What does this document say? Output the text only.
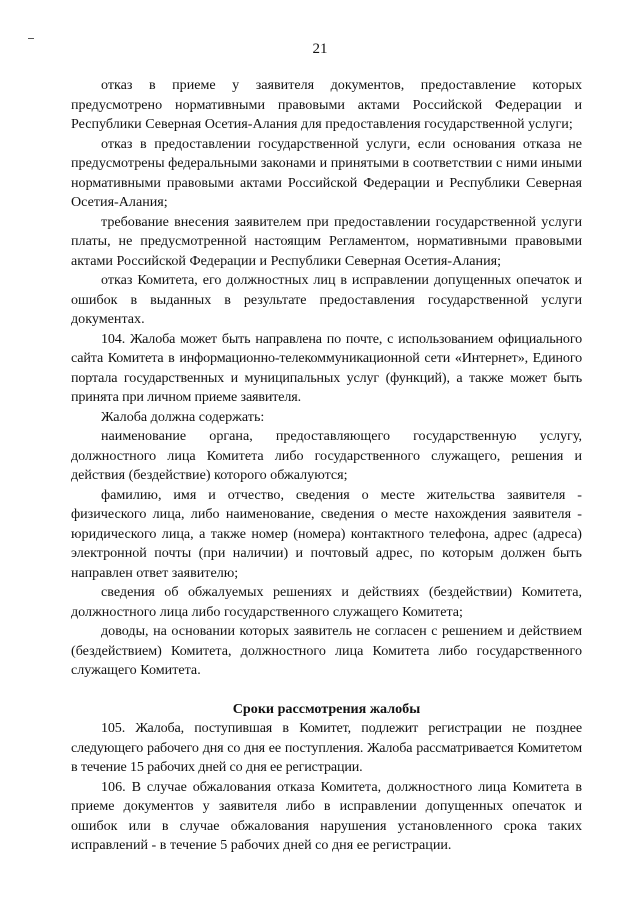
21

отказ в приеме у заявителя документов, предоставление которых предусмотрено нормативными правовыми актами Российской Федерации и Республики Северная Осетия-Алания для предоставления государственной услуги;

отказ в предоставлении государственной услуги, если основания отказа не предусмотрены федеральными законами и принятыми в соответствии с ними иными нормативными правовыми актами Российской Федерации и Республики Северная Осетия-Алания;

требование внесения заявителем при предоставлении государственной услуги платы, не предусмотренной настоящим Регламентом, нормативными правовыми актами Российской Федерации и Республики Северная Осетия-Алания;

отказ Комитета, его должностных лиц в исправлении допущенных опечаток и ошибок в выданных в результате предоставления государственной услуги документах.

104. Жалоба может быть направлена по почте, с использованием официального сайта Комитета в информационно-телекоммуникационной сети «Интернет», Единого портала государственных и муниципальных услуг (функций), а также может быть принята при личном приеме заявителя.

Жалоба должна содержать:

наименование органа, предоставляющего государственную услугу, должностного лица Комитета либо государственного служащего, решения и действия (бездействие) которого обжалуются;

фамилию, имя и отчество, сведения о месте жительства заявителя - физического лица, либо наименование, сведения о месте нахождения заявителя - юридического лица, а также номер (номера) контактного телефона, адрес (адреса) электронной почты (при наличии) и почтовый адрес, по которым должен быть направлен ответ заявителю;

сведения об обжалуемых решениях и действиях (бездействии) Комитета, должностного лица либо государственного служащего Комитета;

доводы, на основании которых заявитель не согласен с решением и действием (бездействием) Комитета, должностного лица Комитета либо государственного служащего Комитета.

Сроки рассмотрения жалобы

105. Жалоба, поступившая в Комитет, подлежит регистрации не позднее следующего рабочего дня со дня ее поступления. Жалоба рассматривается Комитетом в течение 15 рабочих дней со дня ее регистрации.

106. В случае обжалования отказа Комитета, должностного лица Комитета в приеме документов у заявителя либо в исправлении допущенных опечаток и ошибок или в случае обжалования нарушения установленного срока таких исправлений - в течение 5 рабочих дней со дня ее регистрации.
